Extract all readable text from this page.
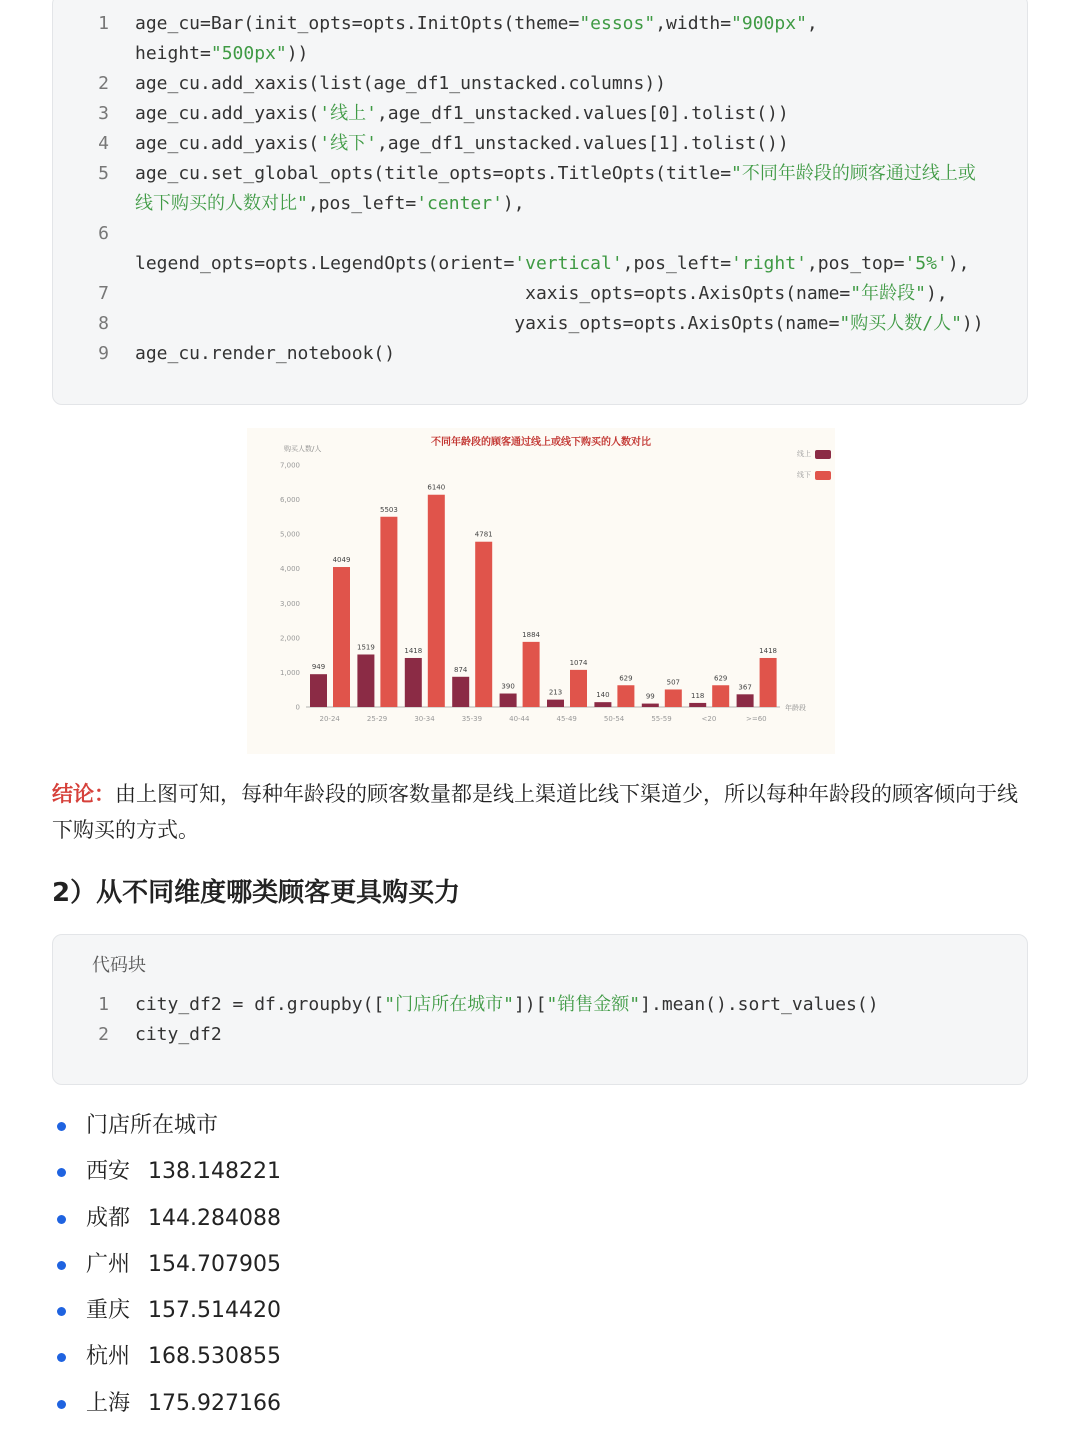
1 age_cu=Bar(init_opts=opts.InitOpts(theme="essos",width="900px",
height="500px"))
2 age_cu.add_xaxis(list(age_df1_unstacked.columns))
3 age_cu.add_yaxis('线上',age_df1_unstacked.values[0].tolist())
4 age_cu.add_yaxis('线下',age_df1_unstacked.values[1].tolist())
5 age_cu.set_global_opts(title_opts=opts.TitleOpts(title="不同年龄段的顾客通过线上或
线下购买的人数对比",pos_left='center'),
6
legend_opts=opts.LegendOpts(orient='vertical',pos_left='right',pos_top='5%'),
7 xaxis_opts=opts.AxisOpts(name="年龄段"),
8 yaxis_opts=opts.AxisOpts(name="购买人数/人"))
9 age_cu.render_notebook()
不同年龄段的顾客通过线上或线下购买的人数对比
购买人数/人
年龄段
0
1,000
2,000
3,000
4,000
5,000
6,000
7,000
20-24
949
4049
25-29
1519
5503
30-34
1418
6140
35-39
874
4781
40-44
390
1884
45-49
213
1074
50-54
140
629
55-59
99
507
<20
118
629
>=60
367
1418
线上
线下
结论：由上图可知，每种年龄段的顾客数量都是线上渠道比线下渠道少，所以每种年龄段的顾客倾向于线下购买的方式。
2）从不同维度哪类顾客更具购买力
代码块
1 city_df2 = df.groupby(["门店所在城市"])["销售金额"].mean().sort_values()
2 city_df2
门店所在城市
西安 138.148221
成都 144.284088
广州 154.707905
重庆 157.514420
杭州 168.530855
上海 175.927166
